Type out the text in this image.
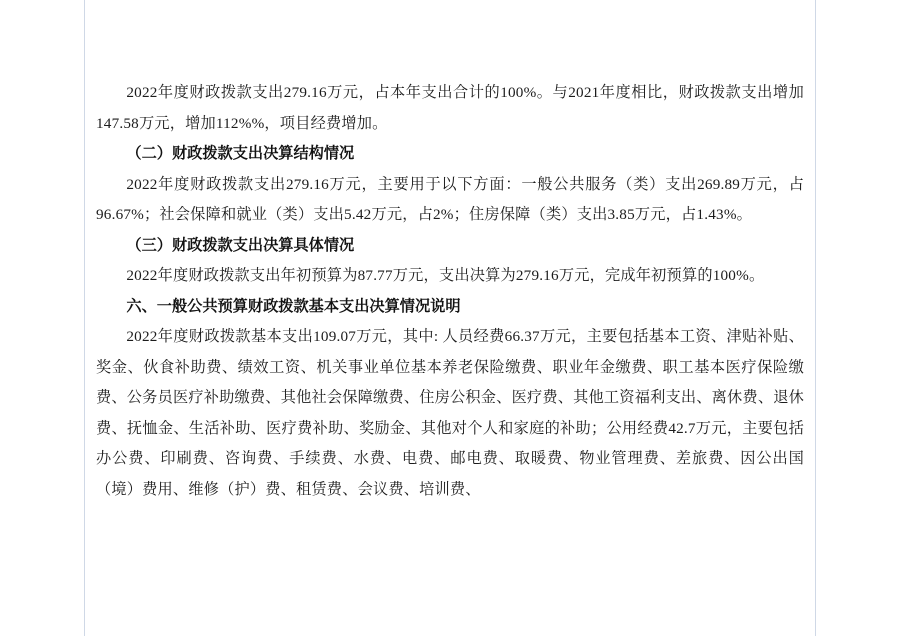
2022年度财政拨款支出279.16万元，占本年支出合计的100%。与2021年度相比，财政拨款支出增加147.58万元，增加112%%，项目经费增加。

（二）财政拨款支出决算结构情况

2022年度财政拨款支出279.16万元，主要用于以下方面：一般公共服务（类）支出269.89万元，占96.67%；社会保障和就业（类）支出5.42万元，占2%；住房保障（类）支出3.85万元，占1.43%。

（三）财政拨款支出决算具体情况

2022年度财政拨款支出年初预算为87.77万元，支出决算为279.16万元，完成年初预算的100%。

六、一般公共预算财政拨款基本支出决算情况说明

2022年度财政拨款基本支出109.07万元，其中: 人员经费66.37万元，主要包括基本工资、津贴补贴、奖金、伙食补助费、绩效工资、机关事业单位基本养老保险缴费、职业年金缴费、职工基本医疗保险缴费、公务员医疗补助缴费、其他社会保障缴费、住房公积金、医疗费、其他工资福利支出、离休费、退休费、抚恤金、生活补助、医疗费补助、奖励金、其他对个人和家庭的补助；公用经费42.7万元，主要包括办公费、印刷费、咨询费、手续费、水费、电费、邮电费、取暖费、物业管理费、差旅费、因公出国（境）费用、维修（护）费、租赁费、会议费、培训费、
